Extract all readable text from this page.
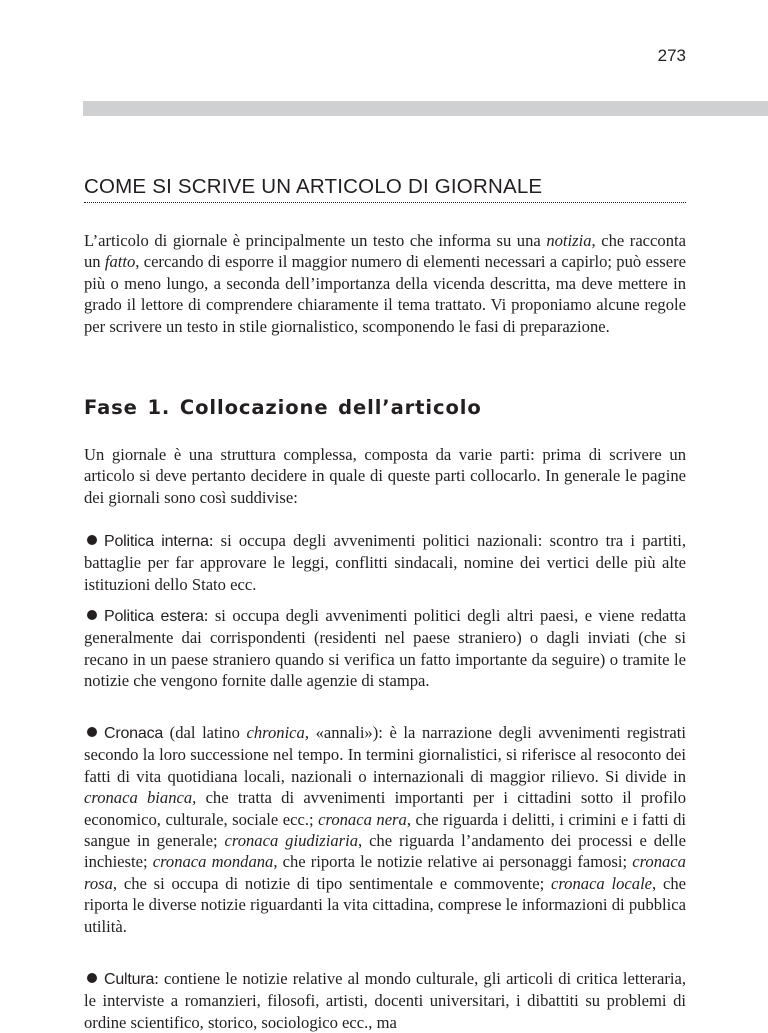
273
COME SI SCRIVE UN ARTICOLO DI GIORNALE

L’articolo di giornale è principalmente un testo che informa su una notizia, che racconta un fatto, cercando di esporre il maggior numero di elementi necessari a capirlo; può essere più o meno lungo, a seconda dell’importanza della vicenda descritta, ma deve mettere in grado il lettore di comprendere chiaramente il tema trattato. Vi proponiamo alcune regole per scrivere un testo in stile giornalistico, scomponendo le fasi di preparazione.

Fase 1. Collocazione dell’articolo

Un giornale è una struttura complessa, composta da varie parti: prima di scrivere un articolo si deve pertanto decidere in quale di queste parti collocarlo. In generale le pagine dei giornali sono così suddivise:

Politica interna: si occupa degli avvenimenti politici nazionali: scontro tra i partiti, battaglie per far approvare le leggi, conflitti sindacali, nomine dei vertici delle più alte istituzioni dello Stato ecc.
Politica estera: si occupa degli avvenimenti politici degli altri paesi, e viene redatta generalmente dai corrispondenti (residenti nel paese straniero) o dagli inviati (che si recano in un paese straniero quando si verifica un fatto importante da seguire) o tramite le notizie che vengono fornite dalle agenzie di stampa.
Cronaca (dal latino chronica, «annali»): è la narrazione degli avvenimenti registrati secondo la loro successione nel tempo. In termini giornalistici, si riferisce al resoconto dei fatti di vita quotidiana locali, nazionali o internazionali di maggior rilievo. Si divide in cronaca bianca, che tratta di avvenimenti importanti per i cittadini sotto il profilo economico, culturale, sociale ecc.; cronaca nera, che riguarda i delitti, i crimini e i fatti di sangue in generale; cronaca giudiziaria, che riguarda l’andamento dei processi e delle inchieste; cronaca mondana, che riporta le notizie relative ai personaggi famosi; cronaca rosa, che si occupa di notizie di tipo sentimentale e commovente; cronaca locale, che riporta le diverse notizie riguardanti la vita cittadina, comprese le informazioni di pubblica utilità.
Cultura: contiene le notizie relative al mondo culturale, gli articoli di critica letteraria, le interviste a romanzieri, filosofi, artisti, docenti universitari, i dibattiti su problemi di ordine scientifico, storico, sociologico ecc., ma
